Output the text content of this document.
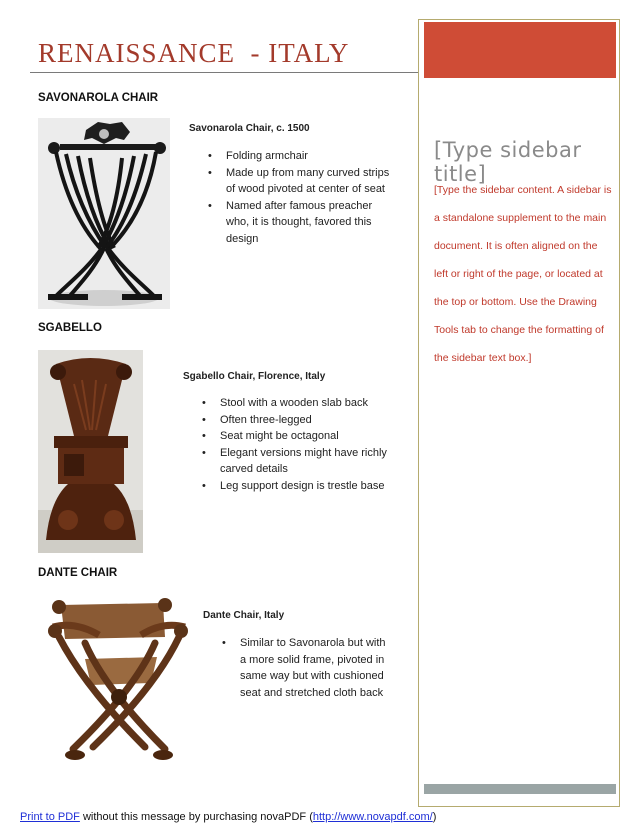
RENAISSANCE  - ITALY
SAVONAROLA CHAIR
Savonarola Chair, c. 1500
• Folding armchair
• Made up from many curved strips of wood pivoted at center of seat
• Named after famous preacher who, it is thought, favored this design
SGABELLO
Sgabello Chair, Florence, Italy
• Stool with a wooden slab back
• Often three-legged
• Seat might be octagonal
• Elegant versions might have richly carved details
• Leg support design is trestle base
DANTE CHAIR
Dante Chair, Italy
• Similar to Savonarola but with a more solid frame, pivoted in same way but with cushioned seat and stretched cloth back
[Type sidebar title]
[Type the sidebar content. A sidebar is a standalone supplement to the main document. It is often aligned on the left or right of the page, or located at the top or bottom. Use the Drawing Tools tab to change the formatting of the sidebar text box.]
Print to PDF without this message by purchasing novaPDF (http://www.novapdf.com/)
